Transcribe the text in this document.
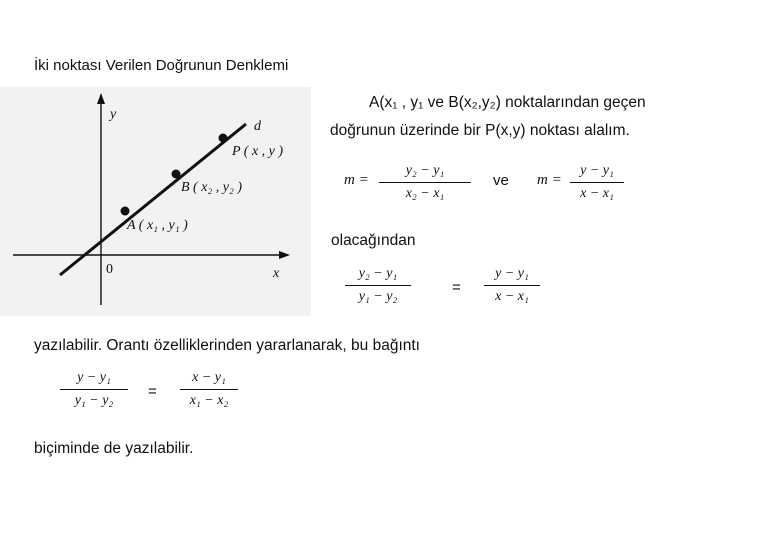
İki noktası Verilen Doğrunun Denklemi
y
x
0
d
P ( x , y )
B ( x₂ , y₂ )
A ( x₁ , y₁ )
A(x₁ , y₁ ve B(x₂,y₂) noktalarından geçen
doğrunun üzerinde bir P(x,y) noktası alalım.
$m = \frac{\text{y₂ − y₁}}{\text{x₂ − x₁}}$ ve $m = \frac{\text{y − y₁}}{\text{x − x₁}}$
olacağından
$\frac{\text{y₂ − y₁}}{\text{y₁ − y₂}}$	= $\frac{\text{y − y₁}}{\text{x − x₁}}$
yazılabilir. Orantı özelliklerinden yararlanarak, bu bağıntı
$\frac{\text{y − y₁}}{\text{y₁ − y₂}} = \frac{\text{x − y₁}}{\text{x₁ − x₂}}$
biçiminde de yazılabilir.
